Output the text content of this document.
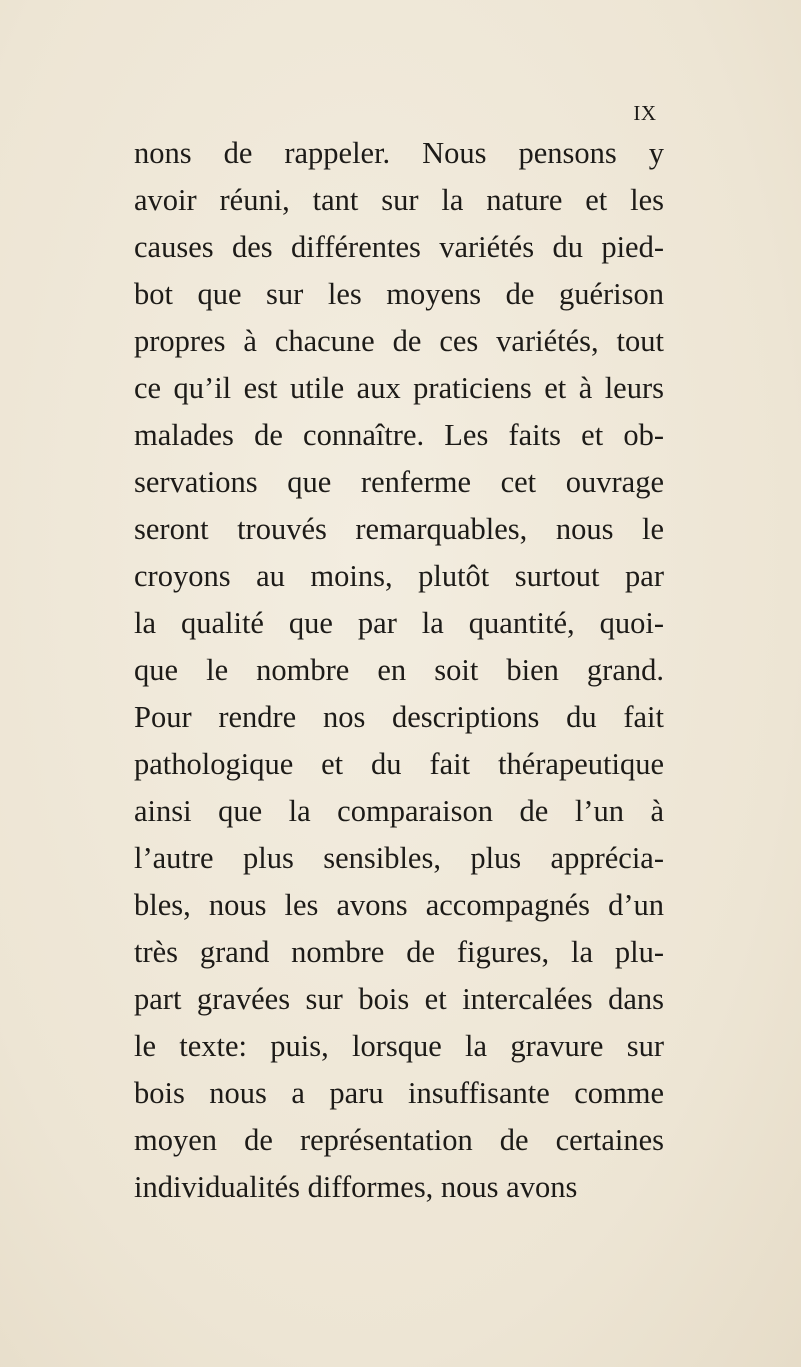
IX
nons de rappeler. Nous pensons y
avoir réuni, tant sur la nature et les
causes des différentes variétés du pied-
bot que sur les moyens de guérison
propres à chacune de ces variétés, tout
ce qu’il est utile aux praticiens et à leurs
malades de connaître. Les faits et ob-
servations que renferme cet ouvrage
seront trouvés remarquables, nous le
croyons au moins, plutôt surtout par
la qualité que par la quantité, quoi-
que le nombre en soit bien grand.
Pour rendre nos descriptions du fait
pathologique et du fait thérapeutique
ainsi que la comparaison de l’un à
l’autre plus sensibles, plus apprécia-
bles, nous les avons accompagnés d’un
très grand nombre de figures, la plu-
part gravées sur bois et intercalées dans
le texte: puis, lorsque la gravure sur
bois nous a paru insuffisante comme
moyen de représentation de certaines
individualités difformes, nous avons
